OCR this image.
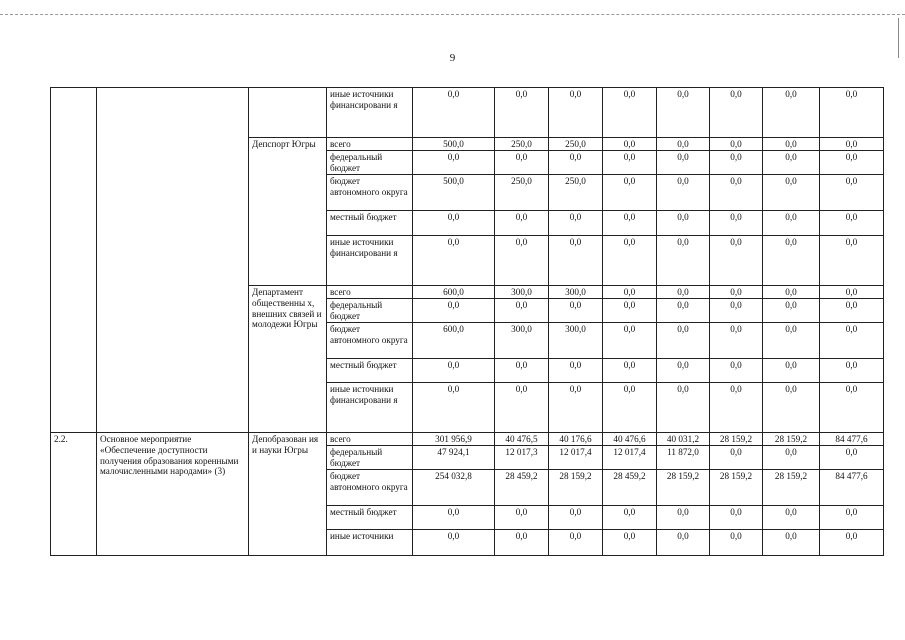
9
			иные источники финансировани я	0,0	0,0	0,0	0,0	0,0	0,0	0,0	0,0
		Депспорт Югры	всего	500,0	250,0	250,0	0,0	0,0	0,0	0,0	0,0
			федеральный бюджет	0,0	0,0	0,0	0,0	0,0	0,0	0,0	0,0
			бюджет автономного округа	500,0	250,0	250,0	0,0	0,0	0,0	0,0	0,0
			местный бюджет	0,0	0,0	0,0	0,0	0,0	0,0	0,0	0,0
			иные источники финансировани я	0,0	0,0	0,0	0,0	0,0	0,0	0,0	0,0
		Департамент общественны х, внешних связей и молодежи Югры	всего	600,0	300,0	300,0	0,0	0,0	0,0	0,0	0,0
			федеральный бюджет	0,0	0,0	0,0	0,0	0,0	0,0	0,0	0,0
			бюджет автономного округа	600,0	300,0	300,0	0,0	0,0	0,0	0,0	0,0
			местный бюджет	0,0	0,0	0,0	0,0	0,0	0,0	0,0	0,0
			иные источники финансировани я	0,0	0,0	0,0	0,0	0,0	0,0	0,0	0,0
2.2.	Основное мероприятие «Обеспечение доступности получения образования коренными малочисленными народами» (3)	Депобразован ия и науки Югры	всего	301 956,9	40 476,5	40 176,6	40 476,6	40 031,2	28 159,2	28 159,2	84 477,6
			федеральный бюджет	47 924,1	12 017,3	12 017,4	12 017,4	11 872,0	0,0	0,0	0,0
			бюджет автономного округа	254 032,8	28 459,2	28 159,2	28 459,2	28 159,2	28 159,2	28 159,2	84 477,6
			местный бюджет	0,0	0,0	0,0	0,0	0,0	0,0	0,0	0,0
			иные источники	0,0	0,0	0,0	0,0	0,0	0,0	0,0	0,0
